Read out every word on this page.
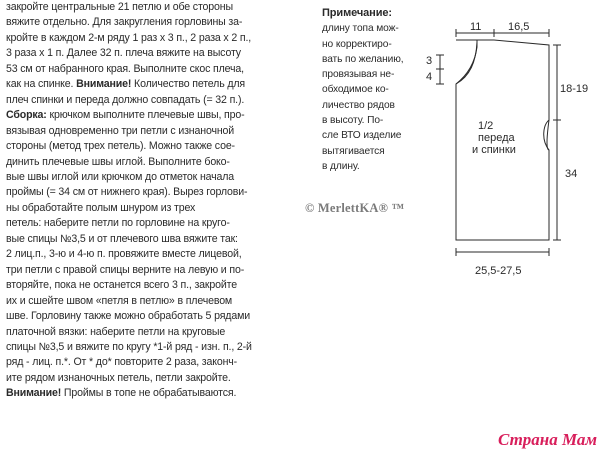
закройте центральные 21 петлю и обе стороны
вяжите отдельно. Для закругления горловины за-
кройте в каждом 2-м ряду 1 раз х 3 п., 2 раза х 2 п.,
3 раза х 1 п. Далее 32 п. плеча вяжите на высоту
53 см от набранного края. Выполните скос плеча,
как на спинке. Внимание! Количество петель для
плеч спинки и переда должно совпадать (= 32 п.).
Сборка: крючком выполните плечевые швы, про-
вязывая одновременно три петли с изнаночной
стороны (метод трех петель). Можно также сое-
динить плечевые швы иглой. Выполните боко-
вые швы иглой или крючком до отметок начала
проймы (= 34 см от нижнего края). Вырез горлови-
ны обработайте полым шнуром из трех
петель: наберите петли по горловине на круго-
вые спицы №3,5 и от плечевого шва вяжите так:
2 лиц.п., 3-ю и 4-ю п. провяжите вместе лицевой,
три петли с правой спицы верните на левую и по-
вторяйте, пока не останется всего 3 п., закройте
их и сшейте швом «петля в петлю» в плечевом
шве. Горловину также можно обработать 5 рядами
платочной вязки: наберите петли на круговые
спицы №3,5 и вяжите по кругу *1-й ряд - изн. п., 2-й
ряд - лиц. п.*. От * до* повторите 2 раза, законч-
ите рядом изнаночных петель, петли закройте.
Внимание! Проймы в топе не обрабатываются.
Примечание:
длину топа мож-
но корректиро-
вать по желанию,
провязывая не-
обходимое ко-
личество рядов
в высоту. По-
сле ВТО изделие
вытягивается
в длину.
11 16,5
3
4
18-19
1/2
переда
и спинки
34
25,5-27,5
© MerlettKA® ™
Страна Мам
